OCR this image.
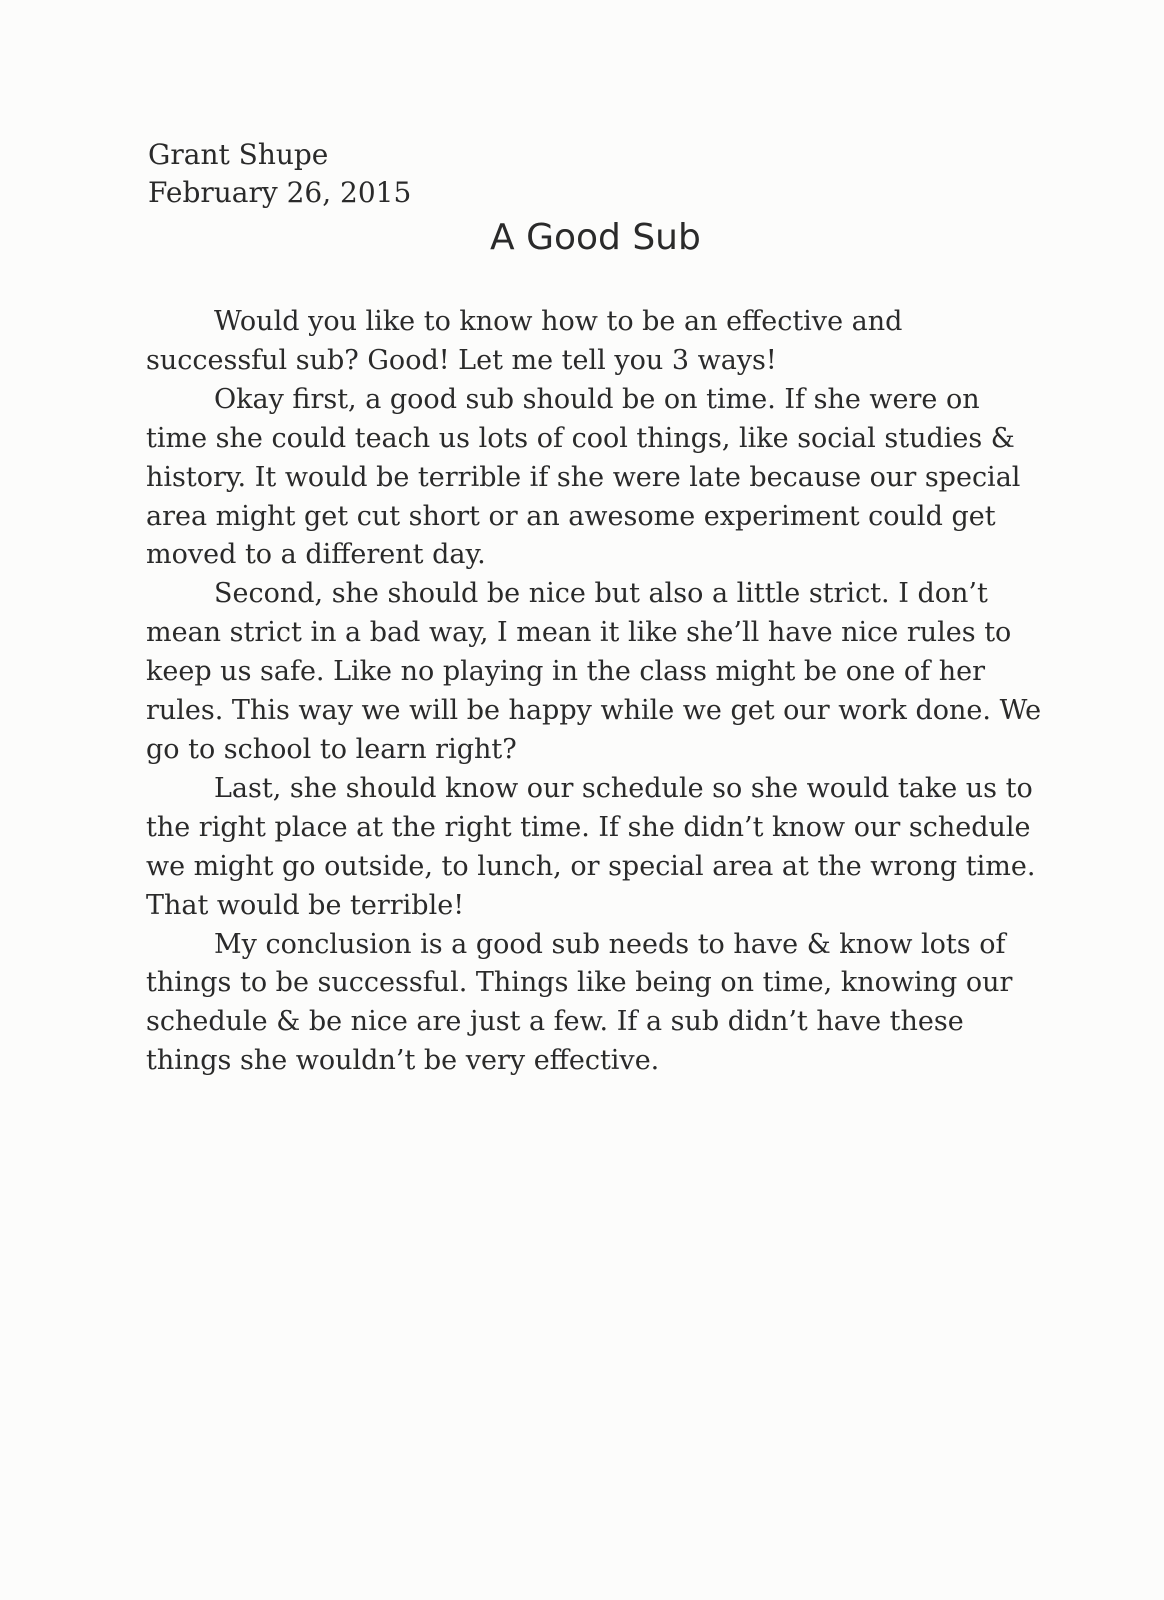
Grant Shupe
February 26, 2015
A Good Sub

Would you like to know how to be an effective and successful sub? Good! Let me tell you 3 ways!

Okay first, a good sub should be on time. If she were on time she could teach us lots of cool things, like social studies & history. It would be terrible if she were late because our special area might get cut short or an awesome experiment could get moved to a different day.

Second, she should be nice but also a little strict. I don’t mean strict in a bad way, I mean it like she’ll have nice rules to keep us safe. Like no playing in the class might be one of her rules. This way we will be happy while we get our work done. We go to school to learn right?

Last, she should know our schedule so she would take us to the right place at the right time. If she didn’t know our schedule we might go outside, to lunch, or special area at the wrong time. That would be terrible!

My conclusion is a good sub needs to have & know lots of things to be successful. Things like being on time, knowing our schedule & be nice are just a few. If a sub didn’t have these things she wouldn’t be very effective.
